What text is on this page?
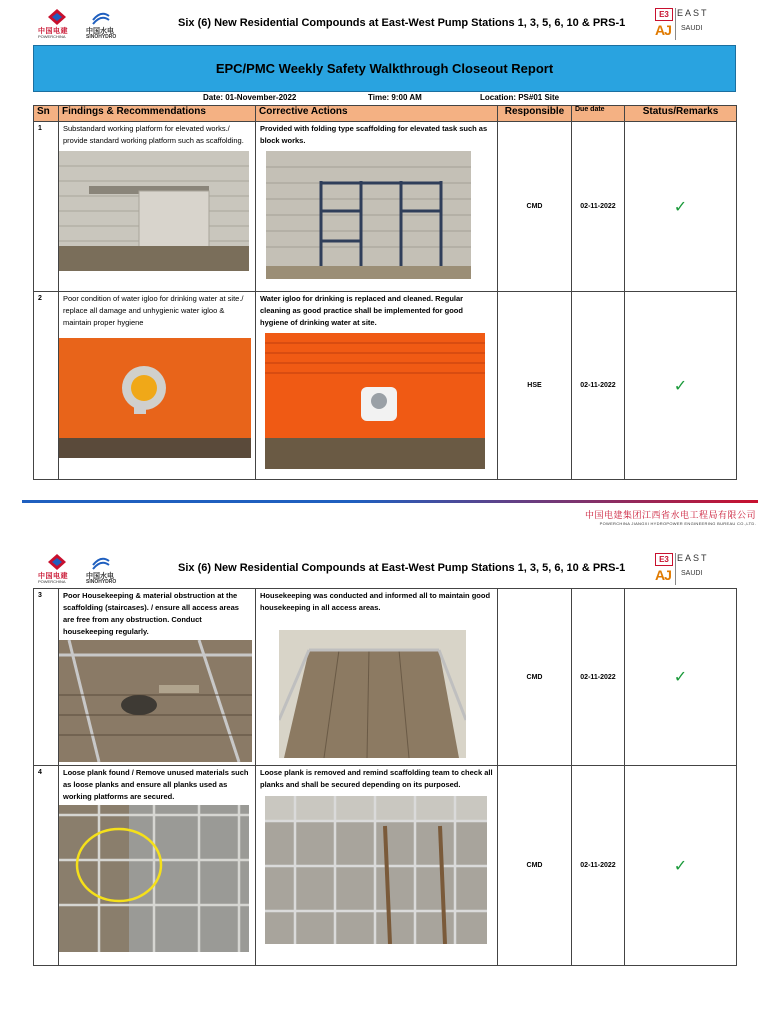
中国电建
POWERCHINA
中国水电
SINOHYDRO
Six (6) New Residential Compounds at East-West Pump Stations 1, 3, 5, 6, 10 & PRS-1
E3
AJ
EAST
SAUDI
EPC/PMC Weekly Safety Walkthrough Closeout Report
Date: 01-November-2022	Time: 9:00 AM	Location: PS#01 Site
Sn	Findings & Recommendations	Corrective Actions	Responsible	Due date	Status/Remarks
1	Substandard working platform for elevated works./ provide standard working platform such as scaffolding.	Provided with folding type scaffolding for elevated task such as block works.	CMD	02-11-2022	✓
2	Poor condition of water igloo for drinking water at site./ replace all damage and unhygienic water igloo & maintain proper hygiene	Water igloo for drinking is replaced and cleaned. Regular cleaning as good practice shall be implemented for good hygiene of drinking water at site.	HSE	02-11-2022	✓
中国电建集团江西省水电工程局有限公司
POWERCHINA JIANGXI HYDROPOWER ENGINEERING BUREAU CO.,LTD.
中国电建
POWERCHINA
中国水电
SINOHYDRO
Six (6) New Residential Compounds at East-West Pump Stations 1, 3, 5, 6, 10 & PRS-1
E3
AJ
EAST
SAUDI
3	Poor Housekeeping & material obstruction at the scaffolding (staircases). / ensure all access areas are free from any obstruction. Conduct housekeeping regularly.	Housekeeping was conducted and informed all to maintain good housekeeping in all access areas.	CMD	02-11-2022	✓
4	Loose plank found / Remove unused materials such as loose planks and ensure all planks used as working platforms are secured.	Loose plank is removed and remind scaffolding team to check all planks and shall be secured depending on its purposed.	CMD	02-11-2022	✓
